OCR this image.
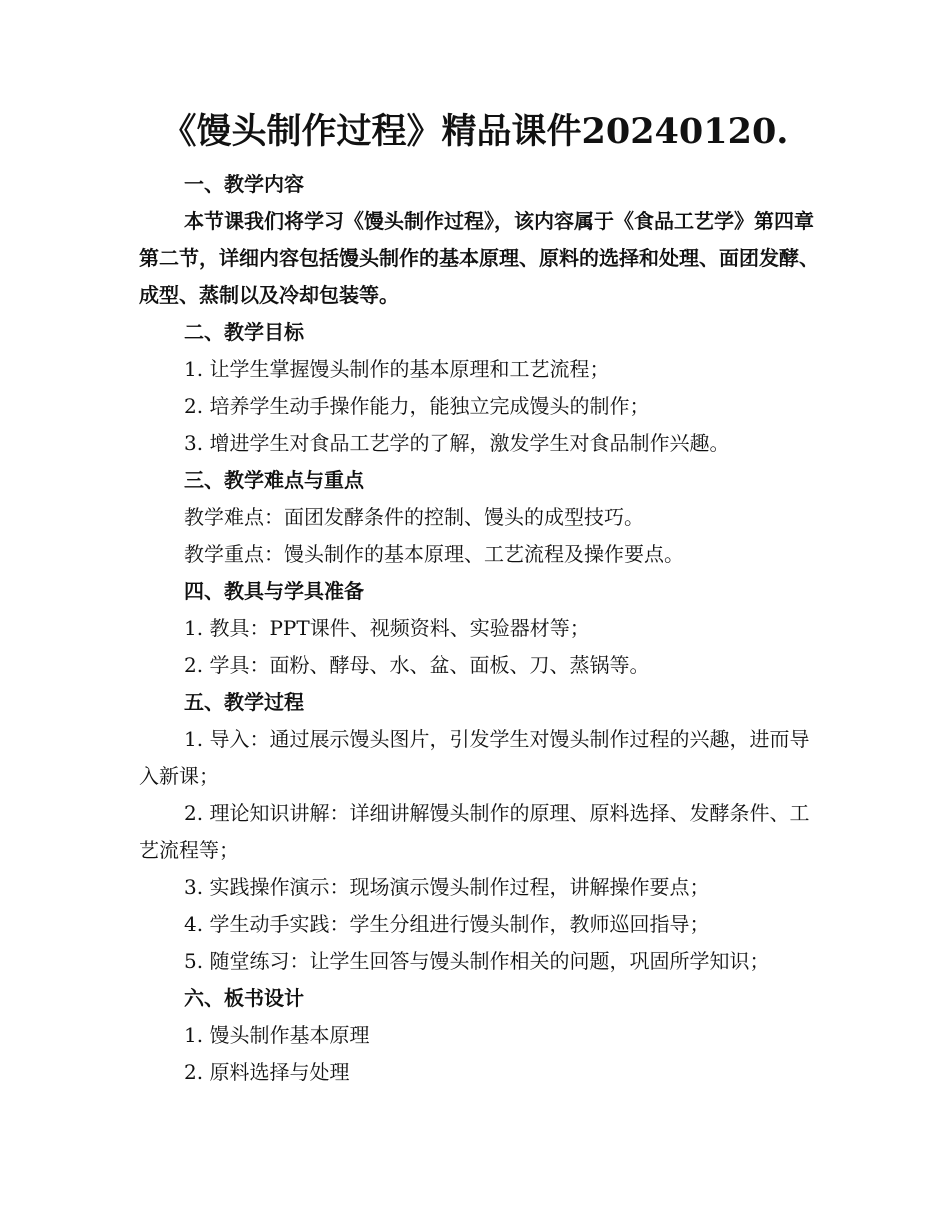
《馒头制作过程》精品课件20240120.

一、教学内容

本节课我们将学习《馒头制作过程》，该内容属于《食品工艺学》第四章第二节，详细内容包括馒头制作的基本原理、原料的选择和处理、面团发酵、成型、蒸制以及冷却包装等。

二、教学目标

1. 让学生掌握馒头制作的基本原理和工艺流程；

2. 培养学生动手操作能力，能独立完成馒头的制作；

3. 增进学生对食品工艺学的了解，激发学生对食品制作兴趣。

三、教学难点与重点

教学难点：面团发酵条件的控制、馒头的成型技巧。

教学重点：馒头制作的基本原理、工艺流程及操作要点。

四、教具与学具准备

1. 教具：PPT课件、视频资料、实验器材等；

2. 学具：面粉、酵母、水、盆、面板、刀、蒸锅等。

五、教学过程

1. 导入：通过展示馒头图片，引发学生对馒头制作过程的兴趣，进而导入新课；

2. 理论知识讲解：详细讲解馒头制作的原理、原料选择、发酵条件、工艺流程等；

3. 实践操作演示：现场演示馒头制作过程，讲解操作要点；

4. 学生动手实践：学生分组进行馒头制作，教师巡回指导；

5. 随堂练习：让学生回答与馒头制作相关的问题，巩固所学知识；

六、板书设计

1. 馒头制作基本原理

2. 原料选择与处理
